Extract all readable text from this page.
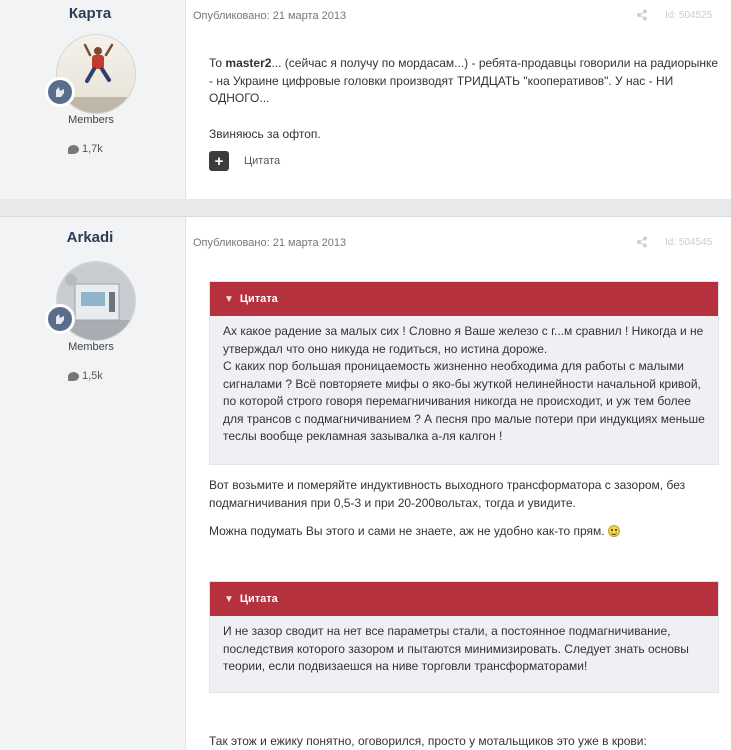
Карта
Members
1,7k
Опубликовано: 21 марта 2013	Id: 504525

То master2... (сейчас я получу по мордасам...) - ребята-продавцы говорили на радиорынке - на Украине цифровые головки производят ТРИДЦАТЬ "кооперативов". У нас - НИ ОДНОГО...

Звиняюсь за офтоп.

+	Цитата
Arkadi
Members
1,5k
Опубликовано: 21 марта 2013	Id: 504545
▼ Цитата
Ах какое радение за малых сих ! Словно я Ваше железо с г...м сравнил ! Никогда и не
утверждал что оно никуда не годиться, но истина дороже.
С каких пор большая проницаемость жизненно необходима для работы с малыми
сигналами ? Всё повторяете мифы о яко-бы жуткой нелинейности начальной кривой,
по которой строго говоря перемагничивания никогда не происходит, и уж тем более
для трансов с подмагничиванием ? А песня про малые потери при индукциях меньше
теслы вообще рекламная зазывалка а-ля калгон !
Вот возьмите и померяйте индуктивность выходного трансформатора с зазором, без
подмагничивания при 0,5-3 и при 20-200вольтах, тогда и увидите.
Можна подумать Вы этого и сами не знаете, аж не удобно как-то прям.
▼ Цитата
И не зазор сводит на нет все параметры стали, а постоянное подмагничивание,
последствия которого зазором и пытаются минимизировать. Следует знать основы
теории, если подвизаешся на ниве торговли трансформаторами!
Так этож и ежику понятно, оговорился, просто у мотальщиков это уже в крови:
